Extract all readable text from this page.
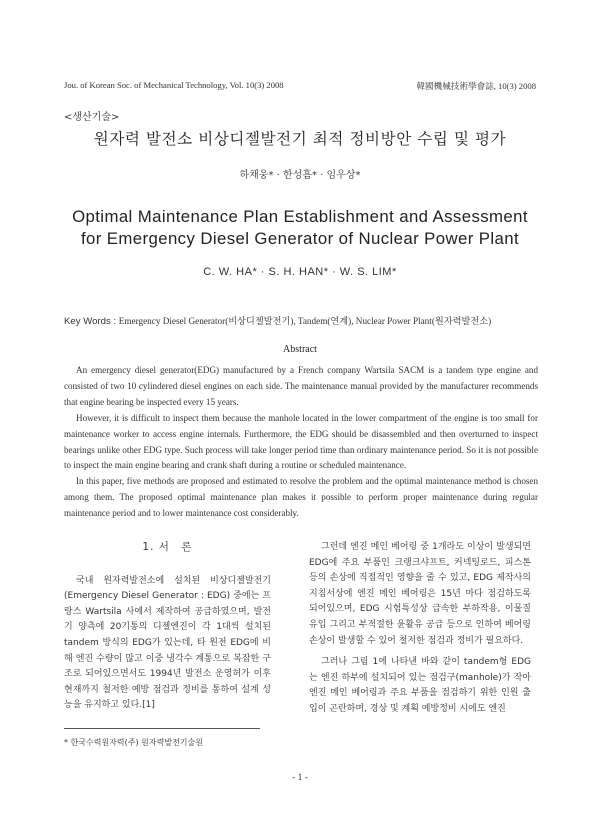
Jou. of Korean Soc. of Mechanical Technology, Vol. 10(3) 2008	韓國機械技術學會誌, 10(3) 2008
<생산기술>
원자력 발전소 비상디젤발전기 최적 정비방안 수립 및 평가
하채웅* · 한성흠* · 임우상*
Optimal Maintenance Plan Establishment and Assessment
for Emergency Diesel Generator of Nuclear Power Plant
C. W. HA* · S. H. HAN* · W. S. LIM*
Key Words : Emergency Diesel Generator(비상디젤발전기), Tandem(연계), Nuclear Power Plant(원자력발전소)
Abstract

An emergency diesel generator(EDG) manufactured by a French company Wartsila SACM is a tandem type engine and consisted of two 10 cylindered diesel engines on each side. The maintenance manual provided by the manufacturer recommends that engine bearing be inspected every 15 years.

However, it is difficult to inspect them because the manhole located in the lower compartment of the engine is too small for maintenance worker to access engine internals. Furthermore, the EDG should be disassembled and then overturned to inspect bearings unlike other EDG type. Such process will take longer period time than ordinary maintenance period. So it is not possible to inspect the main engine bearing and crank shaft during a routine or scheduled maintenance.

In this paper, five methods are proposed and estimated to resolve the problem and the optimal maintenance method is chosen among them. The proposed optimal maintenance plan makes it possible to perform proper maintenance during regular maintenance period and to lower maintenance cost considerably.

1. 서　론

국내 원자력발전소에 설치된 비상디젤발전기(Emergency Diesel Generator : EDG) 중에는 프랑스 Wartsila 사에서 제작하여 공급하였으며, 발전기 양측에 20기통의 디젤엔진이 각 1대씩 설치된 tandem 방식의 EDG가 있는데, 타 원전 EDG에 비해 엔진 수량이 많고 이중 냉각수 계통으로 복잡한 구조로 되어있으면서도 1994년 발전소 운영허가 이후 현재까지 철저한 예방 점검과 정비를 통하여 설계 성능을 유지하고 있다.[1]

그런데 엔진 메인 베어링 중 1개라도 이상이 발생되면 EDG에 주요 부품인 크랭크샤프트, 커넥팅로드, 피스톤 등의 손상에 직접적인 영향을 줄 수 있고, EDG 제작사의 지침서상에 엔진 메인 베어링은 15년 마다 점검하도록 되어있으며, EDG 시험특성상 급속한 부하작용, 이물질 유입 그리고 부적절한 윤활유 공급 등으로 인하여 베어링 손상이 발생할 수 있어 철저한 점검과 정비가 필요하다.

그러나 그림 1에 나타낸 바와 같이 tandem형 EDG는 엔진 하부에 설치되어 있는 점검구(manhole)가 작아 엔진 메인 베어링과 주요 부품을 점검하기 위한 인원 출입이 곤란하며, 경상 및 계획 예방정비 시에도 엔진

* 한국수력원자력(주) 원자력발전기술원
- 1 -
